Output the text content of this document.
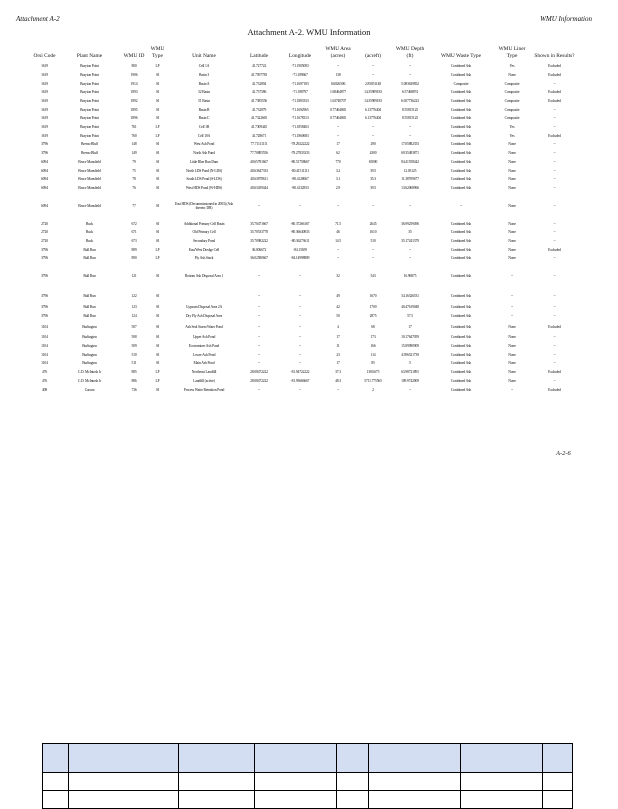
Attachment A-2	WMU Information
Attachment A-2. WMU Information
Orsi Code	Plant Name	WMU ID	WMU Type	Unit Name	Latitude	Longitude	WMU Area (acres)	(acreft)	WMU Depth (ft)	WMU Waste Type	WMU Liner Type	Shown in Results?
1619	Brayton Point	800	LF	Cell 1A	41.727722	-71.1905083	--	--	--	Combined Ash	Yes	Excluded
1619	Brayton Point	1906	SI	Basin 3	41.7597783	-71.189667	138	--	--	Combined Ash	None	Excluded
1619	Brayton Point	1914	SI	Basin A	41.732894	-71.1697183	0.6026506	2.85051148	5.083639852	Composite	Composite	--
1619	Brayton Point	1893	SI	52 Basin	41.737586	-71.188797	1.68464877	14.35909183	6.57468874	Combined Ash	Composite	Excluded
1619	Brayton Point	1892	SI	51 Basin	41.7385556	-71.1883333	1.63740707	14.35909183	6.657736223	Combined Ash	Composite	Excluded
1619	Brayton Point	1895	SI	Basin B	41.732879	-71.1692965	0.77464065	6.13776404	8.55815125	Combined Ash	Composite	--
1619	Brayton Point	1896	SI	Basin C	41.7322665	-71.1678313	0.77464065	6.13776404	8.55815125	Combined Ash	Composite	--
1619	Brayton Point	761	LF	Cell 1B	41.7309445	-71.1858463	--	--	--	Combined Ash	Yes	--
1619	Brayton Point	760	LF	Cell 10A	41.728671	-71.1860683	--	--	--	Combined Ash	Yes	Excluded
3796	Bremo Bluff	148	SI	West Ash Pond	77.71111111	-78.29222222	17	290	17.05882353	Combined Ash	None	--
3796	Bremo Bluff	149	SI	North Ash Pond	77.70805556	-78.27833333	62	4300	69.35483871	Combined Ash	None	--
6094	Bruce Mansfield	79	SI	Little Blue Run Dam	40.65781667	-80.51758667	770	65000	84.41558442	Combined Ash	None	--
6094	Bruce Mansfield	75	SI	North LDS Pond (N-LDS)	40.63647333	-80.41511111	3.2	39.5	12.03125	Combined Ash	None	--
6094	Bruce Mansfield	78	SI	South LDS Pond (S-LDS)	40.63878611	-80.4128667	3.1	35.3	11.38709677	Combined Ash	None	--
6094	Bruce Mansfield	76	SI	West HDS Pond (W-HDS)	40.63459444	-80.4132833	2.9	39.5	13.62068966	Combined Ash	None	--
6094	Bruce Mansfield	77	SI	East HDS (Decommissioned in 2003) (Ash therein: DR)	--	--	--	--	--	--	None	--
2720	Buck	672	SI	Additional Primary Cell Basin	35.70471667	-80.37266167	71.5	2645	36.99259496	Combined Ash	None	--
2720	Buck	671	SI	Old Primary Cell	35.70533778	-80.36640833	46	1610	35	Combined Ash	None	--
2720	Buck	673	SI	Secondary Pond	35.70982222	-80.36273611	14.5	510	35.17241379	Combined Ash	None	--
3796	Bull Run	889	LF	East/West Dredge Cell	36.006672	-84.15659	--	--	--	Combined Ash	None	Excluded
3796	Bull Run	890	LF	Fly Ash Stack	36.02580667	-84.14998889	--	--	--	Combined Ash	None	--
3796	Bull Run	121	SI	Bottom Ash Disposal Area 1	--	--	32	543	16.96875	Combined Ash	--	--
3796	Bull Run	122	SI		--	--	49	1670	34.16326531	Combined Ash	--	--
3796	Bull Run	123	SI	Gypsum Disposal Area 2A	--	--	42	1700	40.47619048	Combined Ash	--	--
3796	Bull Run	124	SI	Dry Fly Ash Disposal Area	--	--	50	2875	57.5	Combined Ash	--	--
1104	Burlington	507	SI	Ash Seal Storm Water Pond	--	--	4	68	17	Combined Ash	None	Excluded
1104	Burlington	508	SI	Upper Ash Pond	--	--	17	173	10.17647059	Combined Ash	None	--
1104	Burlington	509	SI	Economizer Ash Pond	--	--	11	166	15.09090909	Combined Ash	None	--
1104	Burlington	510	SI	Lower Ash Pond	--	--	23	114	4.956521739	Combined Ash	None	--
1104	Burlington	511	SI	Main Ash Pond	--	--	17	85	5	Combined Ash	None	--
476	C.D. McIntosh Jr	885	LF	Northeast Landfill	28.08472222	-81.94722222	37.3	1300.675	63.98721891	Combined Ash	None	Excluded
476	C.D. McIntosh Jr	886	LF	Landfill (active)	28.08472222	-81.93666667	48.3	5711.775565	109.9742009	Combined Ash	None	--
408	Carson	736	SI	Process Water Retention Pond	--	--	--	2	--	Combined Ash	--	Excluded
A-2-6
